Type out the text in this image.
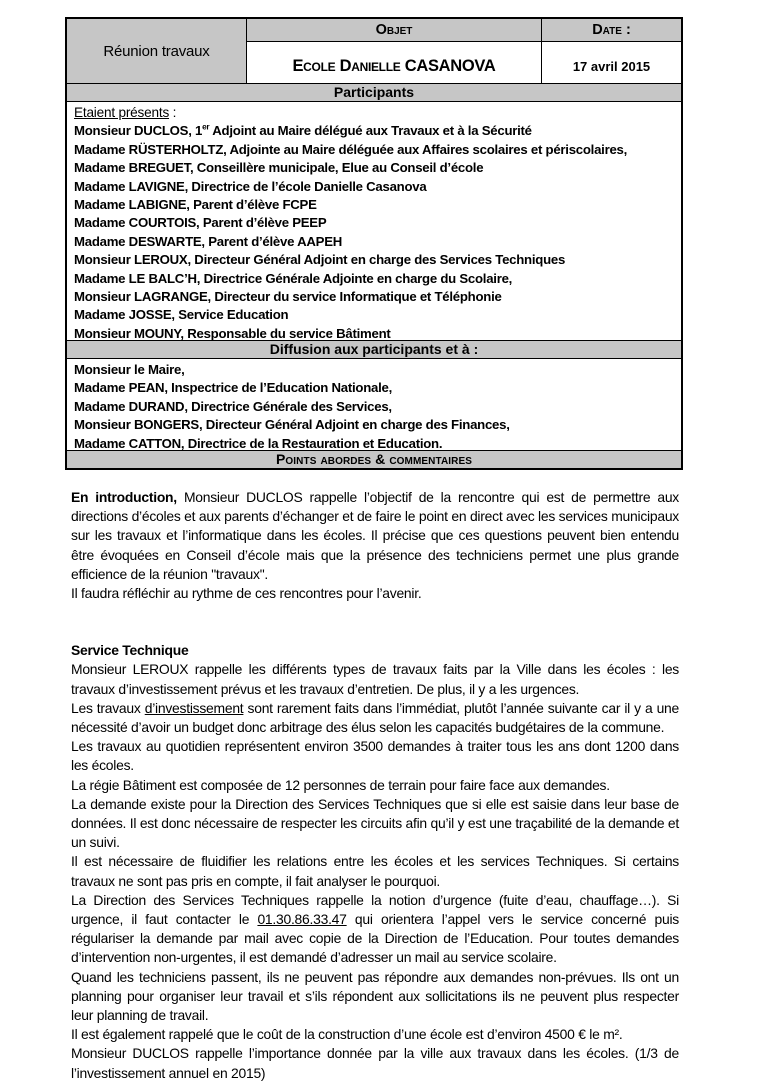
Réunion travaux
Objet	Date :
Ecole Danielle CASANOVA	17 avril 2015
Participants
Etaient présents :
Monsieur DUCLOS, 1er Adjoint au Maire délégué aux Travaux et à la Sécurité
Madame RÜSTERHOLTZ, Adjointe au Maire déléguée aux Affaires scolaires et périscolaires,
Madame BREGUET, Conseillère municipale, Elue au Conseil d’école
Madame LAVIGNE, Directrice de l’école Danielle Casanova
Madame LABIGNE, Parent d’élève FCPE
Madame COURTOIS, Parent d’élève PEEP
Madame DESWARTE, Parent d’élève AAPEH
Monsieur LEROUX, Directeur Général Adjoint en charge des Services Techniques
Madame LE BALC’H, Directrice Générale Adjointe en charge du Scolaire,
Monsieur LAGRANGE, Directeur du service Informatique et Téléphonie
Madame JOSSE, Service Education
Monsieur MOUNY, Responsable du service Bâtiment
Diffusion aux participants et à :
Monsieur le Maire,
Madame PEAN, Inspectrice de l’Education Nationale,
Madame DURAND, Directrice Générale des Services,
Monsieur BONGERS, Directeur Général Adjoint en charge des Finances,
Madame CATTON, Directrice de la Restauration et Education.
Points abordes & commentaires
En introduction, Monsieur DUCLOS rappelle l’objectif de la rencontre qui est de permettre aux directions d’écoles et aux parents d’échanger et de faire le point en direct avec les services municipaux sur les travaux et l’informatique dans les écoles. Il précise que ces questions peuvent bien entendu être évoquées en Conseil d’école mais que la présence des techniciens permet une plus grande efficience de la réunion "travaux".
Il faudra réfléchir au rythme de ces rencontres pour l’avenir.
Service Technique
Monsieur LEROUX rappelle les différents types de travaux faits par la Ville dans les écoles : les travaux d’investissement prévus et les travaux d’entretien. De plus, il y a les urgences.
Les travaux d’investissement sont rarement faits dans l’immédiat, plutôt l’année suivante car il y a une nécessité d’avoir un budget donc arbitrage des élus selon les capacités budgétaires de la commune.
Les travaux au quotidien représentent environ 3500 demandes à traiter tous les ans dont 1200 dans les écoles.
La régie Bâtiment est composée de 12 personnes de terrain pour faire face aux demandes.
La demande existe pour la Direction des Services Techniques que si elle est saisie dans leur base de données. Il est donc nécessaire de respecter les circuits afin qu’il y est une traçabilité de la demande et un suivi.
Il est nécessaire de fluidifier les relations entre les écoles et les services Techniques. Si certains travaux ne sont pas pris en compte, il fait analyser le pourquoi.
La Direction des Services Techniques rappelle la notion d’urgence (fuite d’eau, chauffage…). Si urgence, il faut contacter le 01.30.86.33.47 qui orientera l’appel vers le service concerné puis régulariser la demande par mail avec copie de la Direction de l’Education. Pour toutes demandes d’intervention non-urgentes, il est demandé d’adresser un mail au service scolaire.
Quand les techniciens passent, ils ne peuvent pas répondre aux demandes non-prévues. Ils ont un planning pour organiser leur travail et s’ils répondent aux sollicitations ils ne peuvent plus respecter leur planning de travail.
Il est également rappelé que le coût de la construction d’une école est d’environ 4500 € le m².
Monsieur DUCLOS rappelle l’importance donnée par la ville aux travaux dans les écoles. (1/3 de l’investissement annuel en 2015)
